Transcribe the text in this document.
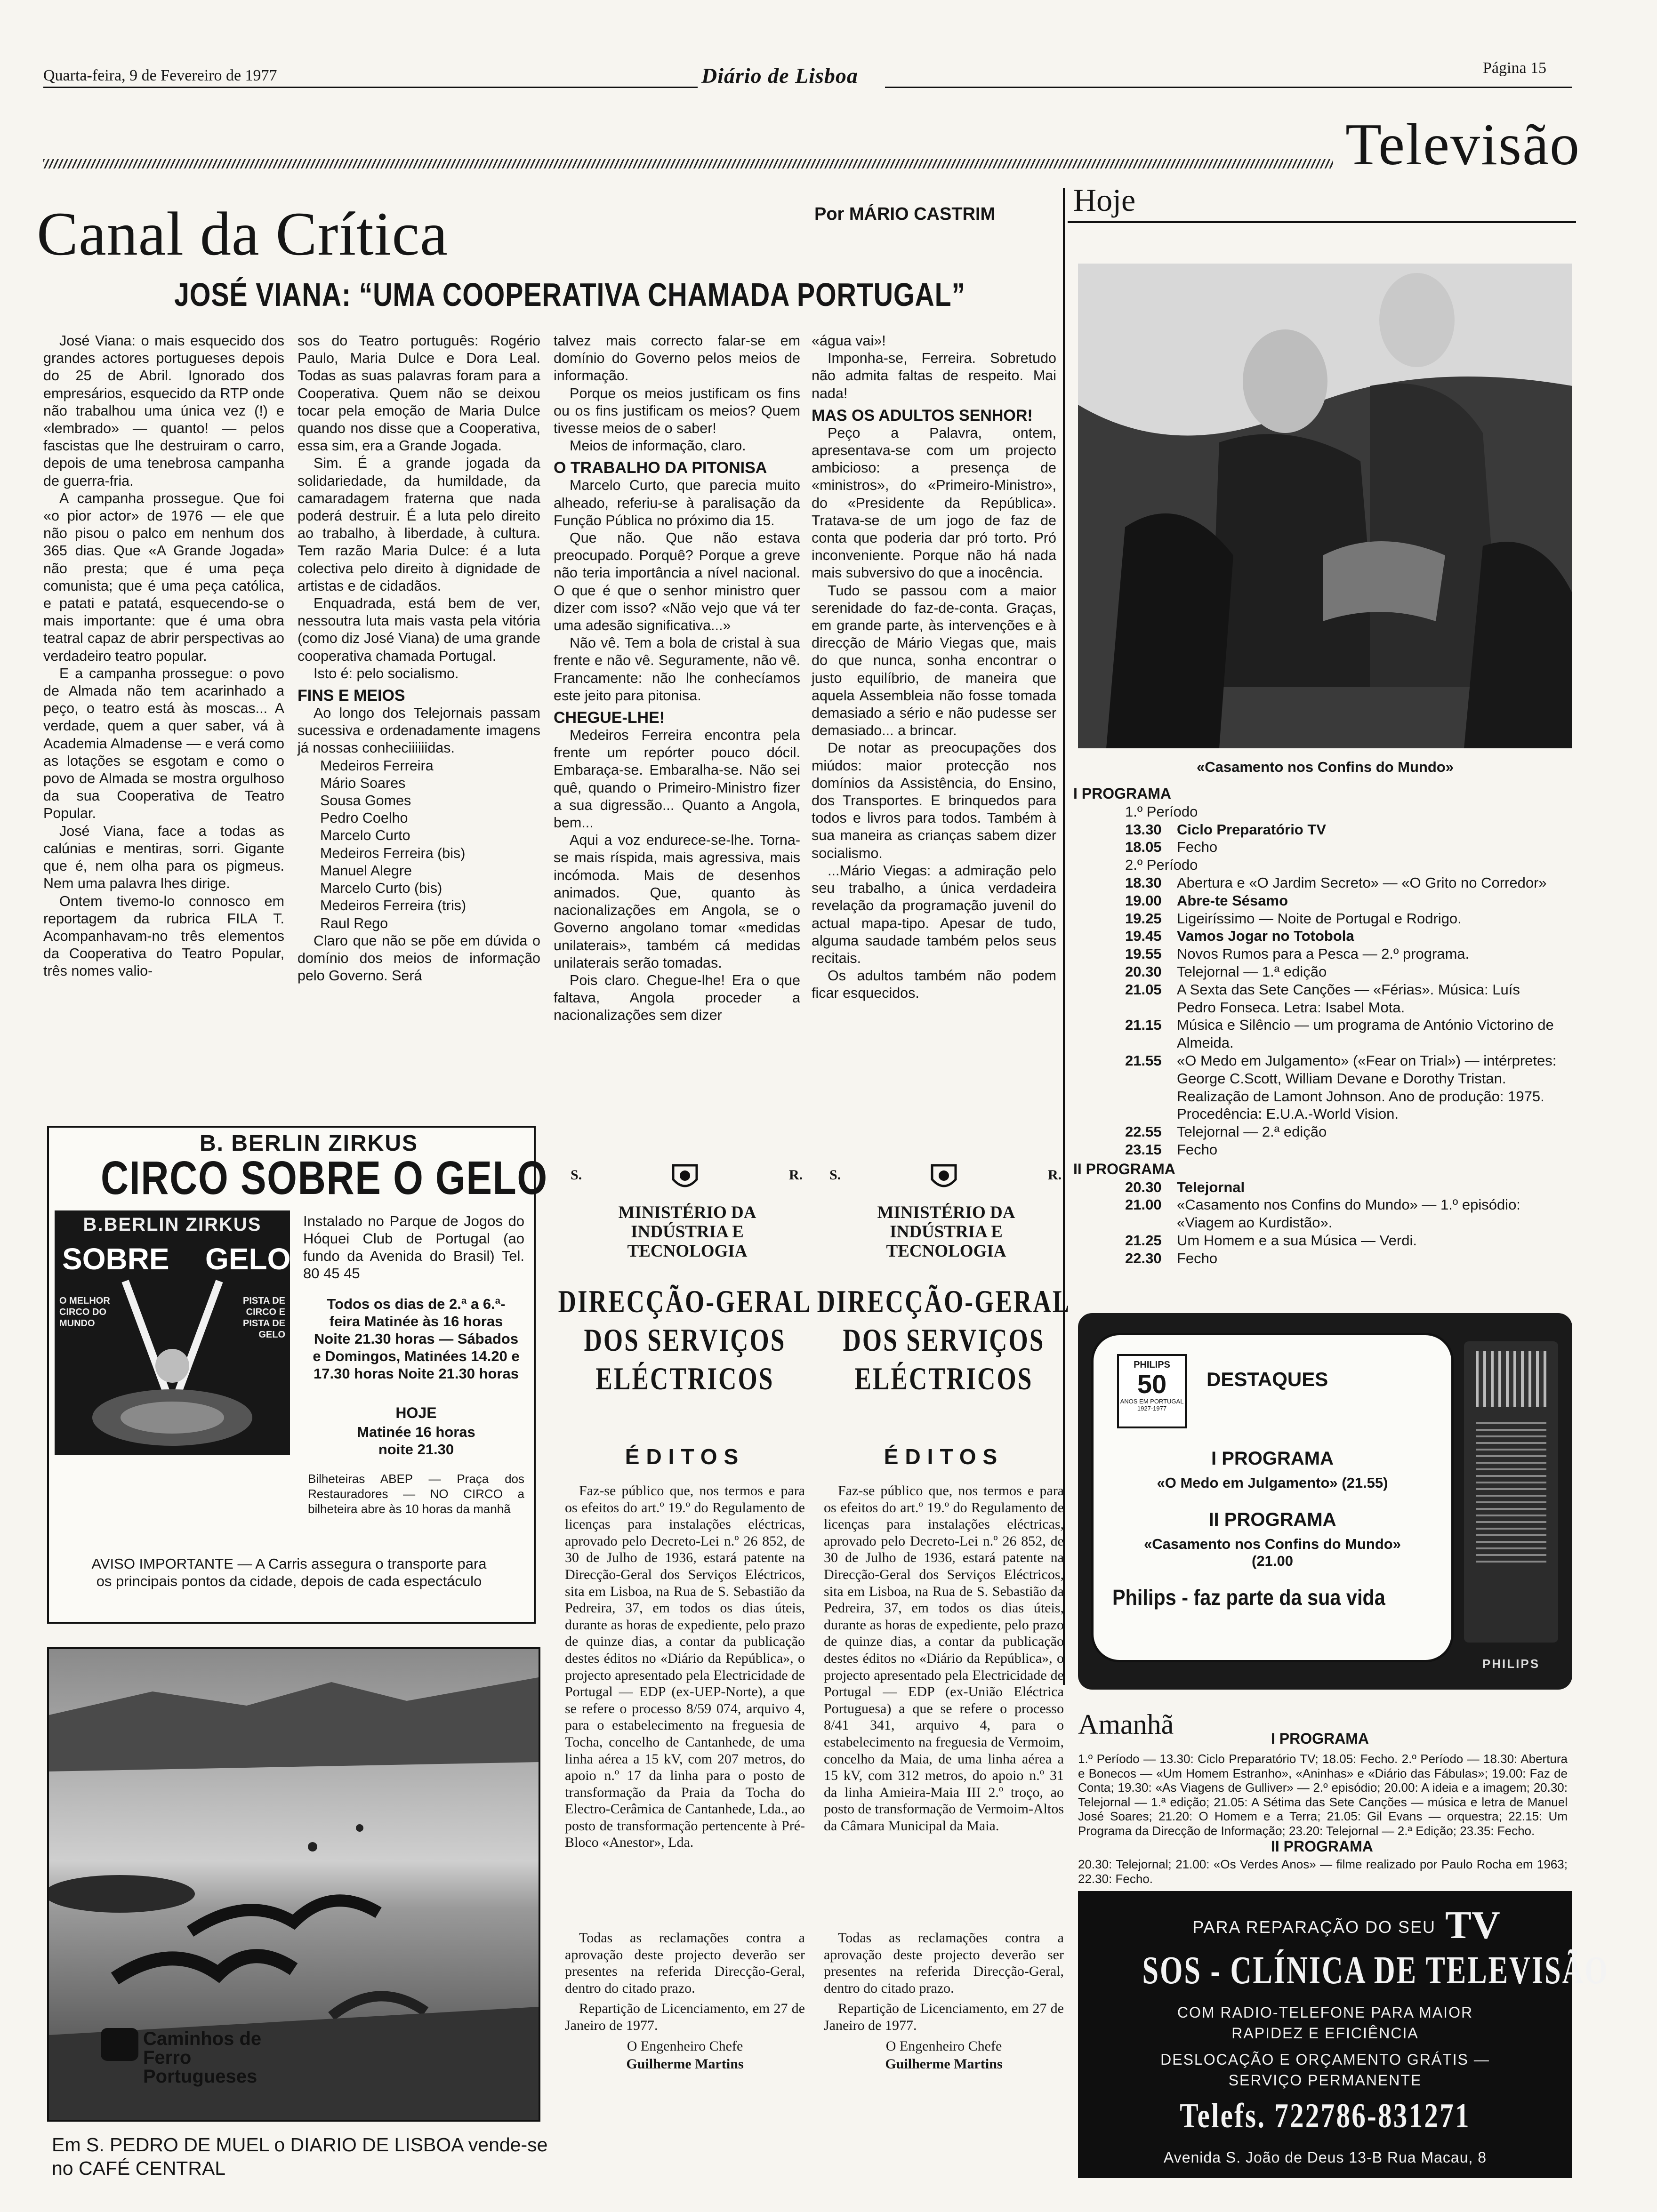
Quarta-feira, 9 de Fevereiro de 1977	Diário de Lisboa	Página 15
Televisão
Canal da Crítica	Por MÁRIO CASTRIM
JOSÉ VIANA: “UMA COOPERATIVA CHAMADA PORTUGAL”

José Viana: o mais esquecido dos grandes actores portugueses depois do 25 de Abril. Ignorado dos empresários, esquecido da RTP onde não trabalhou uma única vez (!) e «lembrado» — quanto! — pelos fascistas que lhe destruiram o carro, depois de uma tenebrosa campanha de guerra-fria.

A campanha prossegue. Que foi «o pior actor» de 1976 — ele que não pisou o palco em nenhum dos 365 dias. Que «A Grande Jogada» não presta; que é uma peça comunista; que é uma peça católica, e patati e patatá, esquecendo-se o mais importante: que é uma obra teatral capaz de abrir perspectivas ao verdadeiro teatro popular.

E a campanha prossegue: o povo de Almada não tem acarinhado a peço, o teatro está às moscas... A verdade, quem a quer saber, vá à Academia Almadense — e verá como as lotações se esgotam e como o povo de Almada se mostra orgulhoso da sua Cooperativa de Teatro Popular.

José Viana, face a todas as calúnias e mentiras, sorri. Gigante que é, nem olha para os pigmeus. Nem uma palavra lhes dirige.

Ontem tivemo-lo connosco em reportagem da rubrica FILA T. Acompanhavam-no três elementos da Cooperativa do Teatro Popular, três nomes valio-

sos do Teatro português: Rogério Paulo, Maria Dulce e Dora Leal. Todas as suas palavras foram para a Cooperativa. Quem não se deixou tocar pela emoção de Maria Dulce quando nos disse que a Cooperativa, essa sim, era a Grande Jogada.

Sim. É a grande jogada da solidariedade, da humildade, da camaradagem fraterna que nada poderá destruir. É a luta pelo direito ao trabalho, à liberdade, à cultura. Tem razão Maria Dulce: é a luta colectiva pelo direito à dignidade de artistas e de cidadãos.

Enquadrada, está bem de ver, nessoutra luta mais vasta pela vitória (como diz José Viana) de uma grande cooperativa chamada Portugal.

Isto é: pelo socialismo.

FINS E MEIOS

Ao longo dos Telejornais passam sucessiva e ordenadamente imagens já nossas conheciiiiiidas.

Medeiros Ferreira

Mário Soares

Sousa Gomes

Pedro Coelho

Marcelo Curto

Medeiros Ferreira (bis)

Manuel Alegre

Marcelo Curto (bis)

Medeiros Ferreira (tris)

Raul Rego

Claro que não se põe em dúvida o domínio dos meios de informação pelo Governo. Será

talvez mais correcto falar-se em domínio do Governo pelos meios de informação.

Porque os meios justificam os fins ou os fins justificam os meios? Quem tivesse meios de o saber!

Meios de informação, claro.

O TRABALHO DA PITONISA

Marcelo Curto, que parecia muito alheado, referiu-se à paralisação da Função Pública no próximo dia 15.

Que não. Que não estava preocupado. Porquê? Porque a greve não teria importância a nível nacional. O que é que o senhor ministro quer dizer com isso? «Não vejo que vá ter uma adesão significativa...»

Não vê. Tem a bola de cristal à sua frente e não vê. Seguramente, não vê. Francamente: não lhe conhecíamos este jeito para pitonisa.

CHEGUE-LHE!

Medeiros Ferreira encontra pela frente um repórter pouco dócil. Embaraça-se. Embaralha-se. Não sei quê, quando o Primeiro-Ministro fizer a sua digressão... Quanto a Angola, bem...

Aqui a voz endurece-se-lhe. Torna-se mais ríspida, mais agressiva, mais incómoda. Mais de desenhos animados. Que, quanto às nacionalizações em Angola, se o Governo angolano tomar «medidas unilaterais», também cá medidas unilaterais serão tomadas.

Pois claro. Chegue-lhe! Era o que faltava, Angola proceder a nacionalizações sem dizer

«água vai»!

Imponha-se, Ferreira. Sobretudo não admita faltas de respeito. Mai nada!

MAS OS ADULTOS SENHOR!

Peço a Palavra, ontem, apresentava-se com um projecto ambicioso: a presença de «ministros», do «Primeiro-Ministro», do «Presidente da República». Tratava-se de um jogo de faz de conta que poderia dar pró torto. Pró inconveniente. Porque não há nada mais subversivo do que a inocência.

Tudo se passou com a maior serenidade do faz-de-conta. Graças, em grande parte, às intervenções e à direcção de Mário Viegas que, mais do que nunca, sonha encontrar o justo equilíbrio, de maneira que aquela Assembleia não fosse tomada demasiado a sério e não pudesse ser demasiado... a brincar.

De notar as preocupações dos miúdos: maior protecção nos domínios da Assistência, do Ensino, dos Transportes. E brinquedos para todos e livros para todos. Também à sua maneira as crianças sabem dizer socialismo.

...Mário Viegas: a admiração pelo seu trabalho, a única verdadeira revelação da programação juvenil do actual mapa-tipo. Apesar de tudo, alguma saudade também pelos seus recitais.

Os adultos também não podem ficar esquecidos.

B. BERLIN ZIRKUS
CIRCO SOBRE O GELO
B.BERLIN ZIRKUS
SOBRE GELO
O MELHOR CIRCO DO MUNDO
PISTA DE CIRCO E PISTA DE GELO
Instalado no Parque de Jogos do Hóquei Club de Portugal (ao fundo da Avenida do Brasil) Tel. 80 45 45
Todos os dias de 2.ª a 6.ª-feira Matinée às 16 horas Noite 21.30 horas — Sábados e Domingos, Matinées 14.20 e 17.30 horas Noite 21.30 horas
HOJE
Matinée 16 horas noite 21.30
Bilheteiras ABEP — Praça dos Restauradores — NO CIRCO a bilheteira abre às 10 horas da manhã
AVISO IMPORTANTE — A Carris assegura o transporte para os principais pontos da cidade, depois de cada espectáculo
Caminhos de Ferro Portugueses
Em S. PEDRO DE MUEL o DIARIO DE LISBOA vende-se no CAFÉ CENTRAL
S.	R.
MINISTÉRIO DA INDÚSTRIA E TECNOLOGIA
DIRECÇÃO-GERAL DOS SERVIÇOS ELÉCTRICOS
ÉDITOS
Faz-se público que, nos termos e para os efeitos do art.º 19.º do Regulamento de licenças para instalações eléctricas, aprovado pelo Decreto-Lei n.º 26 852, de 30 de Julho de 1936, estará patente na Direcção-Geral dos Serviços Eléctricos, sita em Lisboa, na Rua de S. Sebastião da Pedreira, 37, em todos os dias úteis, durante as horas de expediente, pelo prazo de quinze dias, a contar da publicação destes éditos no «Diário da República», o projecto apresentado pela Electricidade de Portugal — EDP (ex-UEP-Norte), a que se refere o processo 8/59 074, arquivo 4, para o estabelecimento na freguesia de Tocha, concelho de Cantanhede, de uma linha aérea a 15 kV, com 207 metros, do apoio n.º 17 da linha para o posto de transformação da Praia da Tocha do Electro-Cerâmica de Cantanhede, Lda., ao posto de transformação pertencente à Pré-Bloco «Anestor», Lda.
Todas as reclamações contra a aprovação deste projecto deverão ser presentes na referida Direcção-Geral, dentro do citado prazo.
Repartição de Licenciamento, em 27 de Janeiro de 1977.
O Engenheiro Chefe
Guilherme Martins
S.	R.
MINISTÉRIO DA INDÚSTRIA E TECNOLOGIA
DIRECÇÃO-GERAL DOS SERVIÇOS ELÉCTRICOS
ÉDITOS
Faz-se público que, nos termos e para os efeitos do art.º 19.º do Regulamento de licenças para instalações eléctricas, aprovado pelo Decreto-Lei n.º 26 852, de 30 de Julho de 1936, estará patente na Direcção-Geral dos Serviços Eléctricos, sita em Lisboa, na Rua de S. Sebastião da Pedreira, 37, em todos os dias úteis, durante as horas de expediente, pelo prazo de quinze dias, a contar da publicação destes éditos no «Diário da República», o projecto apresentado pela Electricidade de Portugal — EDP (ex-União Eléctrica Portuguesa) a que se refere o processo 8/41 341, arquivo 4, para o estabelecimento na freguesia de Vermoim, concelho da Maia, de uma linha aérea a 15 kV, com 312 metros, do apoio n.º 31 da linha Amieira-Maia III 2.º troço, ao posto de transformação de Vermoim-Altos da Câmara Municipal da Maia.
Todas as reclamações contra a aprovação deste projecto deverão ser presentes na referida Direcção-Geral, dentro do citado prazo.
Repartição de Licenciamento, em 27 de Janeiro de 1977.
O Engenheiro Chefe
Guilherme Martins
Hoje
«Casamento nos Confins do Mundo»
I PROGRAMA
1.º Período
13.30	Ciclo Preparatório TV
18.05	Fecho
2.º Período
18.30	Abertura e «O Jardim Secreto» — «O Grito no Corredor»
19.00	Abre-te Sésamo
19.25	Ligeiríssimo — Noite de Portugal e Rodrigo.
19.45	Vamos Jogar no Totobola
19.55	Novos Rumos para a Pesca — 2.º programa.
20.30	Telejornal — 1.ª edição
21.05	A Sexta das Sete Canções — «Férias». Música: Luís Pedro Fonseca. Letra: Isabel Mota.
21.15	Música e Silêncio — um programa de António Victorino de Almeida.
21.55	«O Medo em Julgamento» («Fear on Trial») — intérpretes: George C.Scott, William Devane e Dorothy Tristan. Realização de Lamont Johnson. Ano de produção: 1975. Procedência: E.U.A.-World Vision.
22.55	Telejornal — 2.ª edição
23.15	Fecho
II PROGRAMA
20.30	Telejornal
21.00	«Casamento nos Confins do Mundo» — 1.º episódio: «Viagem ao Kurdistão».
21.25	Um Homem e a sua Música — Verdi.
22.30	Fecho
PHILIPS
50
ANOS EM PORTUGAL 1927-1977
DESTAQUES
I PROGRAMA
«O Medo em Julgamento» (21.55)
II PROGRAMA
«Casamento nos Confins do Mundo» (21.00
Philips - faz parte da sua vida
PHILIPS
Amanhã	I PROGRAMA
1.º Período — 13.30: Ciclo Preparatório TV; 18.05: Fecho. 2.º Período — 18.30: Abertura e Bonecos — «Um Homem Estranho», «Aninhas» e «Diário das Fábulas»; 19.00: Faz de Conta; 19.30: «As Viagens de Gulliver» — 2.º episódio; 20.00: A ideia e a imagem; 20.30: Telejornal — 1.ª edição; 21.05: A Sétima das Sete Canções — música e letra de Manuel José Soares; 21.20: O Homem e a Terra; 21.05: Gil Evans — orquestra; 22.15: Um Programa da Direcção de Informação; 23.20: Telejornal — 2.ª Edição; 23.35: Fecho.
II PROGRAMA
20.30: Telejornal; 21.00: «Os Verdes Anos» — filme realizado por Paulo Rocha em 1963; 22.30: Fecho.
PARA REPARAÇÃO DO SEU TV
SOS - CLÍNICA DE TELEVISÃO
COM RADIO-TELEFONE PARA MAIOR RAPIDEZ E EFICIÊNCIA
DESLOCAÇÃO E ORÇAMENTO GRÁTIS — SERVIÇO PERMANENTE
Telefs. 722786-831271
Avenida S. João de Deus 13-B Rua Macau, 8
